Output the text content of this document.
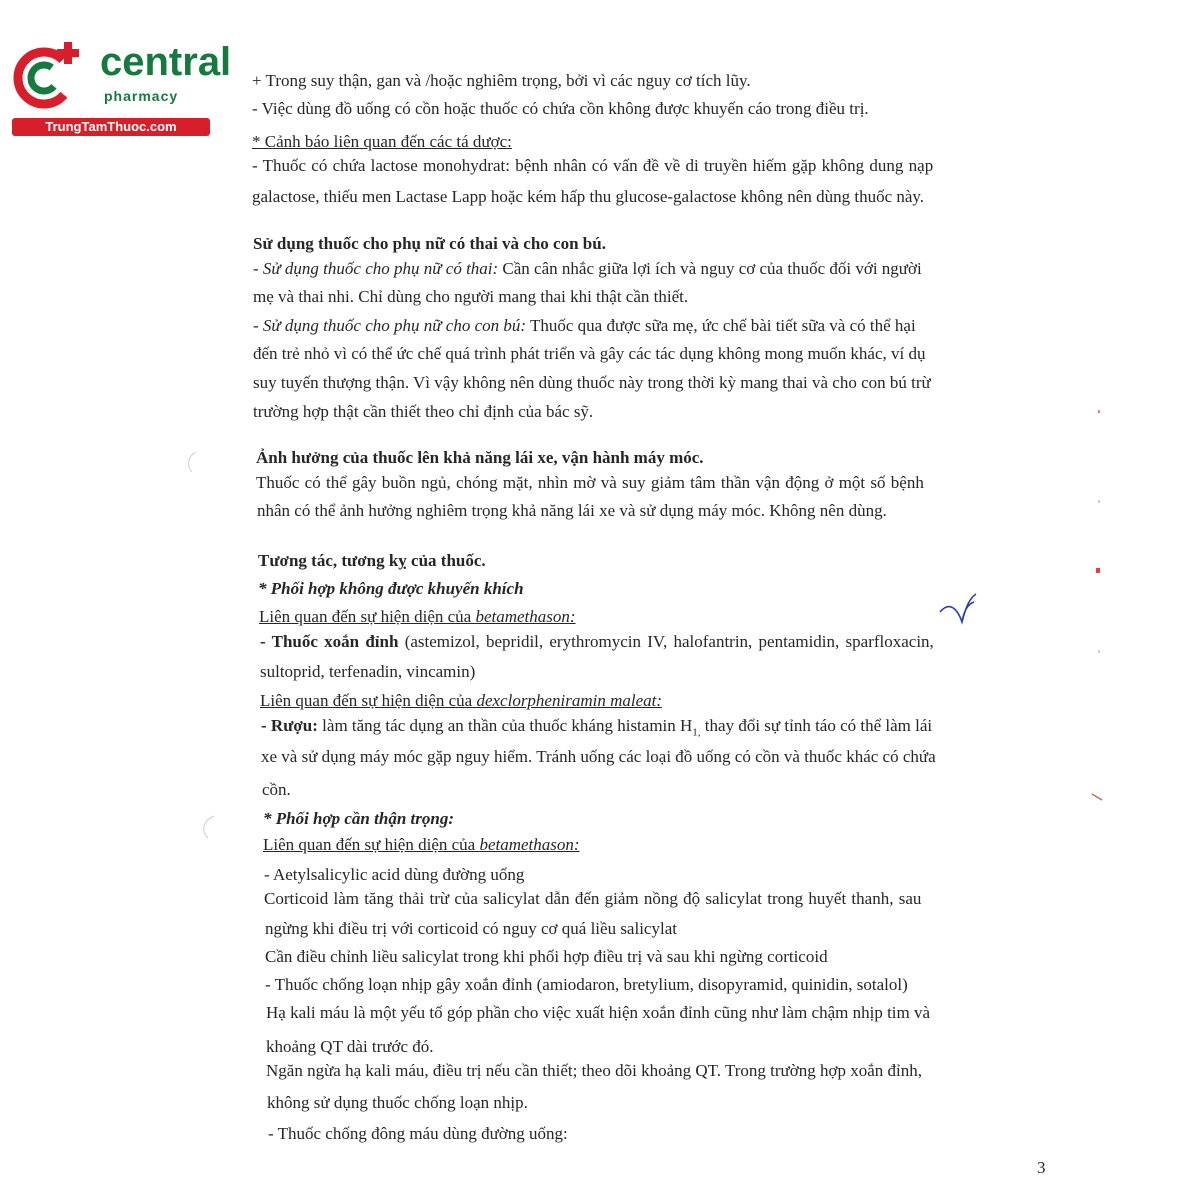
central
pharmacy
TrungTamThuoc.com
+ Trong suy thận, gan và /hoặc nghiêm trọng, bởi vì các nguy cơ tích lũy.
- Việc dùng đồ uống có cồn hoặc thuốc có chứa cồn không được khuyến cáo trong điều trị.
* Cảnh báo liên quan đến các tá dược:
- Thuốc có chứa lactose monohydrat: bệnh nhân có vấn đề về di truyền hiếm gặp không dung nạp
galactose, thiếu men Lactase Lapp hoặc kém hấp thu glucose-galactose không nên dùng thuốc này.
Sử dụng thuốc cho phụ nữ có thai và cho con bú.
- Sử dụng thuốc cho phụ nữ có thai: Cần cân nhắc giữa lợi ích và nguy cơ của thuốc đối với người
mẹ và thai nhi. Chỉ dùng cho người mang thai khi thật cần thiết.
- Sử dụng thuốc cho phụ nữ cho con bú: Thuốc qua được sữa mẹ, ức chế bài tiết sữa và có thể hại
đến trẻ nhỏ vì có thể ức chế quá trình phát triển và gây các tác dụng không mong muốn khác, ví dụ
suy tuyến thượng thận. Vì vậy không nên dùng thuốc này trong thời kỳ mang thai và cho con bú trừ
trường hợp thật cần thiết theo chỉ định của bác sỹ.
Ảnh hưởng của thuốc lên khả năng lái xe, vận hành máy móc.
Thuốc có thể gây buồn ngủ, chóng mặt, nhìn mờ và suy giảm tâm thần vận động ở một số bệnh
nhân có thể ảnh hưởng nghiêm trọng khả năng lái xe và sử dụng máy móc. Không nên dùng.
Tương tác, tương kỵ của thuốc.
* Phối hợp không được khuyến khích
Liên quan đến sự hiện diện của betamethason:
- Thuốc xoắn đỉnh (astemizol, bepridil, erythromycin IV, halofantrin, pentamidin, sparfloxacin,
sultoprid, terfenadin, vincamin)
Liên quan đến sự hiện diện của dexclorpheniramin maleat:
- Rượu: làm tăng tác dụng an thần của thuốc kháng histamin $H_{1,}$ thay đổi sự tỉnh táo có thể làm lái
xe và sử dụng máy móc gặp nguy hiểm. Tránh uống các loại đồ uống có cồn và thuốc khác có chứa
cồn.
* Phối hợp cần thận trọng:
Liên quan đến sự hiện diện của betamethason:
- Aetylsalicylic acid dùng đường uống
Corticoid làm tăng thải trừ của salicylat dẫn đến giảm nồng độ salicylat trong huyết thanh, sau
ngừng khi điều trị với corticoid có nguy cơ quá liều salicylat
Cần điều chỉnh liều salicylat trong khi phối hợp điều trị và sau khi ngừng corticoid
- Thuốc chống loạn nhịp gây xoắn đỉnh (amiodaron, bretylium, disopyramid, quinidin, sotalol)
Hạ kali máu là một yếu tố góp phần cho việc xuất hiện xoắn đỉnh cũng như làm chậm nhịp tim và
khoảng QT dài trước đó.
Ngăn ngừa hạ kali máu, điều trị nếu cần thiết; theo dõi khoảng QT. Trong trường hợp xoắn đỉnh,
không sử dụng thuốc chống loạn nhịp.
- Thuốc chống đông máu dùng đường uống:
3
